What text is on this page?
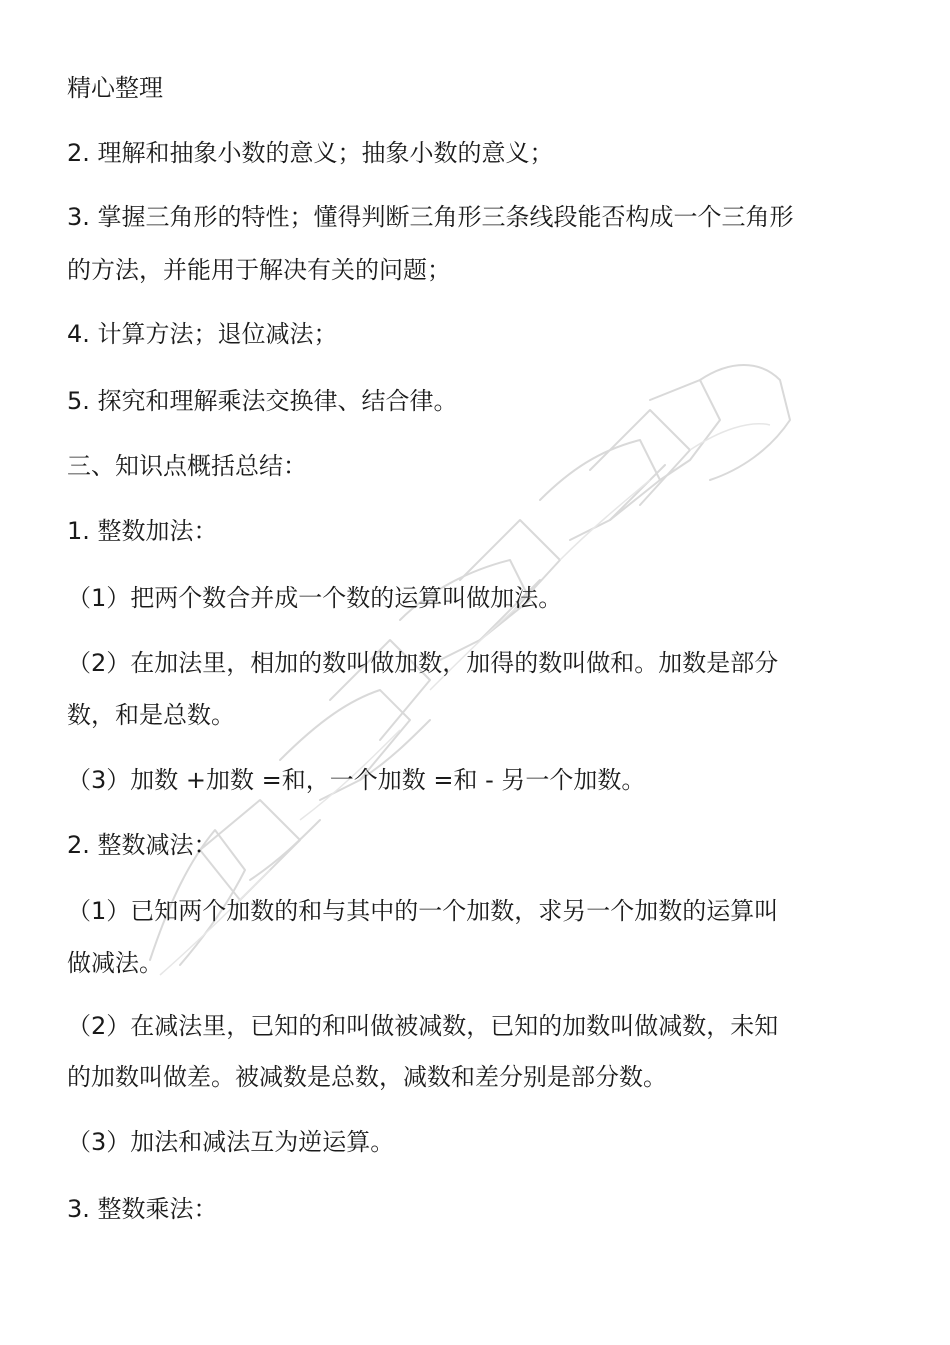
精心整理
2. 理解和抽象小数的意义；抽象小数的意义；
3. 掌握三角形的特性；懂得判断三角形三条线段能否构成一个三角形
的方法，并能用于解决有关的问题；
4. 计算方法；退位减法；
5. 探究和理解乘法交换律、结合律。
三、知识点概括总结：
1. 整数加法：
（1）把两个数合并成一个数的运算叫做加法。
（2）在加法里，相加的数叫做加数，加得的数叫做和。加数是部分
数，和是总数。
（3）加数 +加数 =和，一个加数 =和 - 另一个加数。
2. 整数减法：
（1）已知两个加数的和与其中的一个加数，求另一个加数的运算叫
做减法。
（2）在减法里，已知的和叫做被减数，已知的加数叫做减数，未知
的加数叫做差。被减数是总数，减数和差分别是部分数。
（3）加法和减法互为逆运算。
3. 整数乘法：
